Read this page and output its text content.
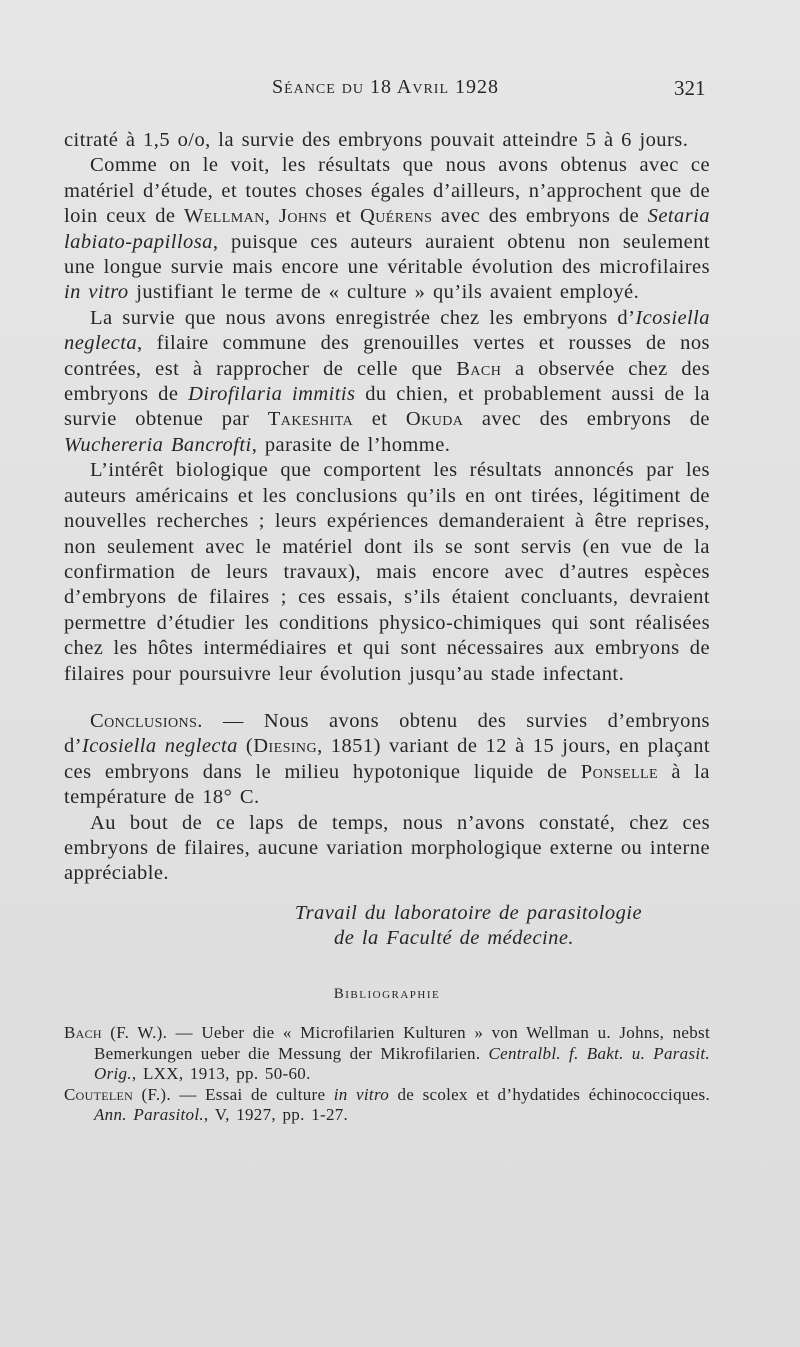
Séance du 18 Avril 1928	321

citraté à 1,5 o/o, la survie des embryons pouvait atteindre 5 à 6 jours.

Comme on le voit, les résultats que nous avons obtenus avec ce matériel d’étude, et toutes choses égales d’ailleurs, n’approchent que de loin ceux de Wellman, Johns et Quérens avec des embryons de Setaria labiato-papillosa, puisque ces auteurs auraient obtenu non seulement une longue survie mais encore une véritable évolution des microfilaires in vitro justifiant le terme de « culture » qu’ils avaient employé.

La survie que nous avons enregistrée chez les embryons d’Icosiella neglecta, filaire commune des grenouilles vertes et rousses de nos contrées, est à rapprocher de celle que Bach a observée chez des embryons de Dirofilaria immitis du chien, et probablement aussi de la survie obtenue par Takeshita et Okuda avec des embryons de Wuchereria Bancrofti, parasite de l’homme.

L’intérêt biologique que comportent les résultats annoncés par les auteurs américains et les conclusions qu’ils en ont tirées, légitiment de nouvelles recherches ; leurs expériences demanderaient à être reprises, non seulement avec le matériel dont ils se sont servis (en vue de la confirmation de leurs travaux), mais encore avec d’autres espèces d’embryons de filaires ; ces essais, s’ils étaient concluants, devraient permettre d’étudier les conditions physico-chimiques qui sont réalisées chez les hôtes intermédiaires et qui sont nécessaires aux embryons de filaires pour poursuivre leur évolution jusqu’au stade infectant.

Conclusions. — Nous avons obtenu des survies d’embryons d’Icosiella neglecta (Diesing, 1851) variant de 12 à 15 jours, en plaçant ces embryons dans le milieu hypotonique liquide de Ponselle à la température de 18° C.

Au bout de ce laps de temps, nous n’avons constaté, chez ces embryons de filaires, aucune variation morphologique externe ou interne appréciable.

Travail du laboratoire de parasitologie
de la Faculté de médecine.
Bibliographie
Bach (F. W.). — Ueber die « Microfilarien Kulturen » von Wellman u. Johns, nebst Bemerkungen ueber die Messung der Mikrofilarien. Centralbl. f. Bakt. u. Parasit. Orig., LXX, 1913, pp. 50-60.
Coutelen (F.). — Essai de culture in vitro de scolex et d’hydatides échinococciques. Ann. Parasitol., V, 1927, pp. 1-27.
